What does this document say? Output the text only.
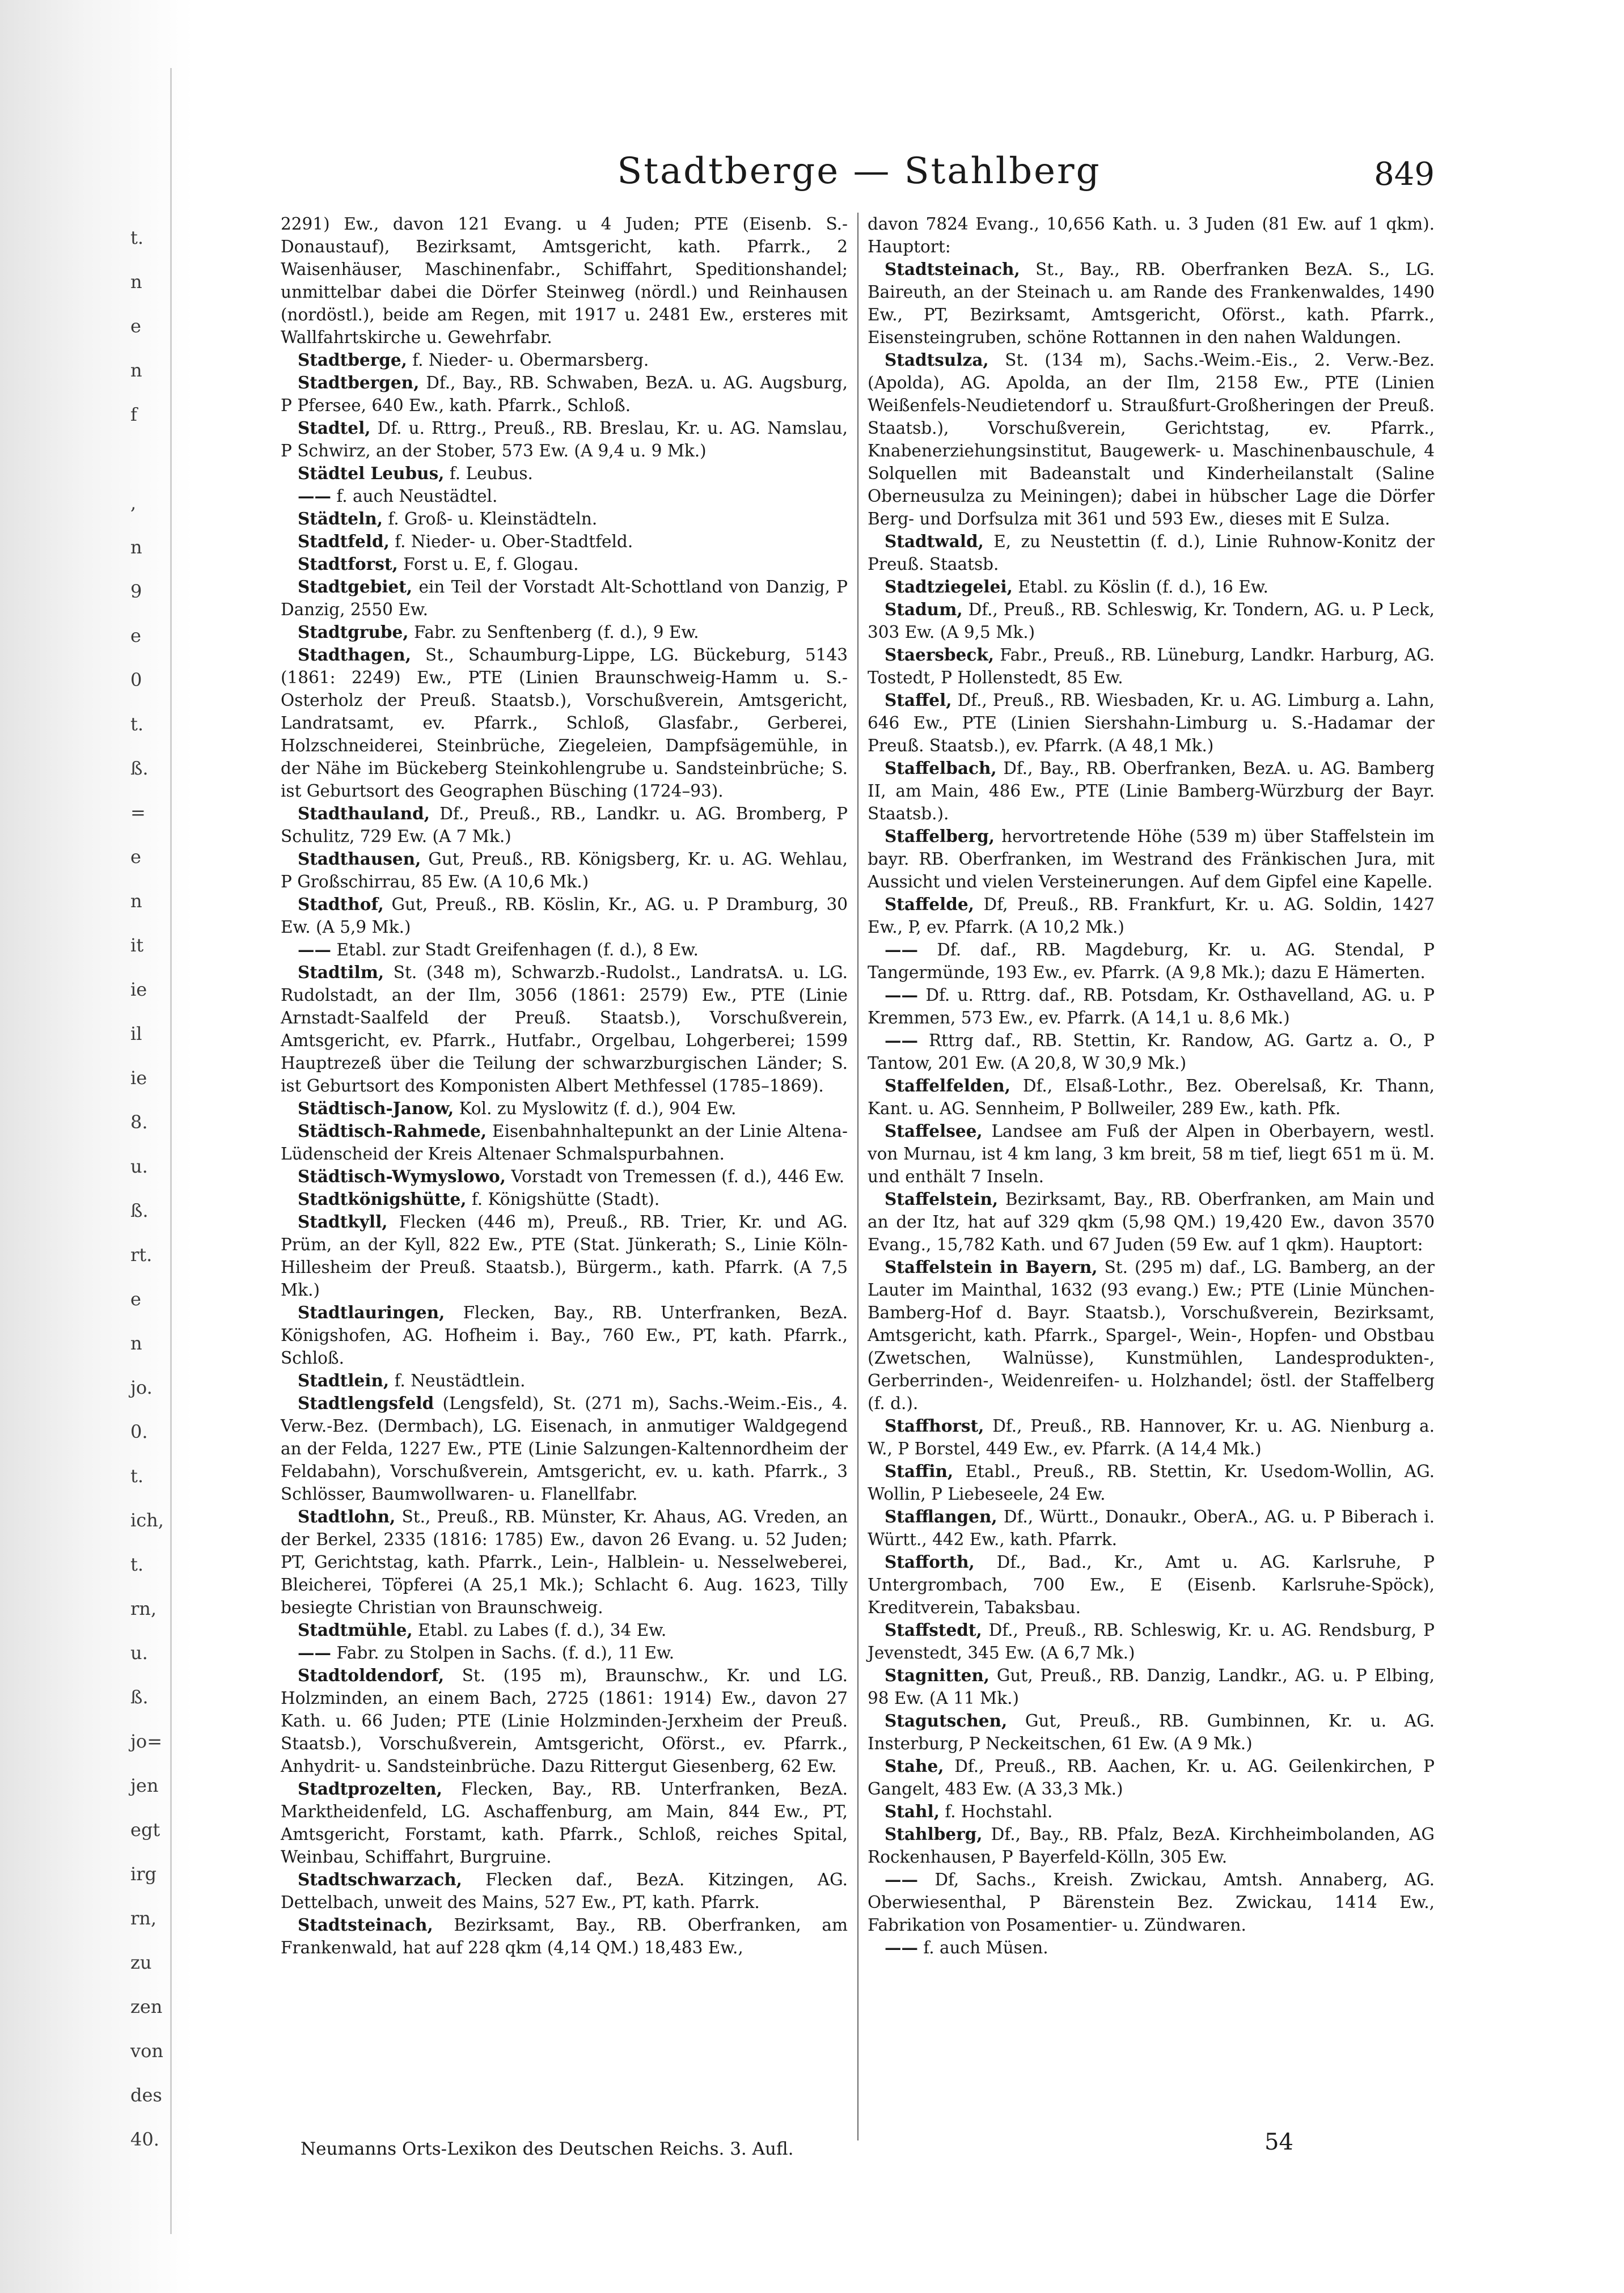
t.
n
e
n
f
,
n
9
e
0
t.
ß.
=
e
n
it
ie
il
ie
8.
u.
ß.
rt.
e
n
jo.
0.
t.
ich,
t.
rn,
u.
ß.
jo=
jen
egt
irg
rn,
zu
zen
von
des
40.
Stadtberge — Stahlberg	849

2291) Ew., davon 121 Evang. u 4 Juden; PTE (Eisenb. S.-Donaustauf), Bezirksamt, Amtsgericht, kath. Pfarrk., 2 Waisenhäuser, Maschinenfabr., Schiffahrt, Speditionshandel; unmittelbar dabei die Dörfer Steinweg (nördl.) und Reinhausen (nordöstl.), beide am Regen, mit 1917 u. 2481 Ew., ersteres mit Wallfahrtskirche u. Gewehrfabr.

Stadtberge, f. Nieder- u. Obermarsberg.

Stadtbergen, Df., Bay., RB. Schwaben, BezA. u. AG. Augsburg, P Pfersee, 640 Ew., kath. Pfarrk., Schloß.

Stadtel, Df. u. Rttrg., Preuß., RB. Breslau, Kr. u. AG. Namslau, P Schwirz, an der Stober, 573 Ew. (A 9,4 u. 9 Mk.)

Städtel Leubus, f. Leubus.

—— f. auch Neustädtel.

Städteln, f. Groß- u. Kleinstädteln.

Stadtfeld, f. Nieder- u. Ober-Stadtfeld.

Stadtforst, Forst u. E, f. Glogau.

Stadtgebiet, ein Teil der Vorstadt Alt-Schottland von Danzig, P Danzig, 2550 Ew.

Stadtgrube, Fabr. zu Senftenberg (f. d.), 9 Ew.

Stadthagen, St., Schaumburg-Lippe, LG. Bückeburg, 5143 (1861: 2249) Ew., PTE (Linien Braunschweig-Hamm u. S.-Osterholz der Preuß. Staatsb.), Vorschußverein, Amtsgericht, Landratsamt, ev. Pfarrk., Schloß, Glasfabr., Gerberei, Holzschneiderei, Steinbrüche, Ziegeleien, Dampfsägemühle, in der Nähe im Bückeberg Steinkohlengrube u. Sandsteinbrüche; S. ist Geburtsort des Geographen Büsching (1724–93).

Stadthauland, Df., Preuß., RB., Landkr. u. AG. Bromberg, P Schulitz, 729 Ew. (A 7 Mk.)

Stadthausen, Gut, Preuß., RB. Königsberg, Kr. u. AG. Wehlau, P Großschirrau, 85 Ew. (A 10,6 Mk.)

Stadthof, Gut, Preuß., RB. Köslin, Kr., AG. u. P Dramburg, 30 Ew. (A 5,9 Mk.)

—— Etabl. zur Stadt Greifenhagen (f. d.), 8 Ew.

Stadtilm, St. (348 m), Schwarzb.-Rudolst., LandratsA. u. LG. Rudolstadt, an der Ilm, 3056 (1861: 2579) Ew., PTE (Linie Arnstadt-Saalfeld der Preuß. Staatsb.), Vorschußverein, Amtsgericht, ev. Pfarrk., Hutfabr., Orgelbau, Lohgerberei; 1599 Hauptrezeß über die Teilung der schwarzburgischen Länder; S. ist Geburtsort des Komponisten Albert Methfessel (1785–1869).

Städtisch-Janow, Kol. zu Myslowitz (f. d.), 904 Ew.

Städtisch-Rahmede, Eisenbahnhaltepunkt an der Linie Altena-Lüdenscheid der Kreis Altenaer Schmalspurbahnen.

Städtisch-Wymyslowo, Vorstadt von Tremessen (f. d.), 446 Ew.

Stadtkönigshütte, f. Königshütte (Stadt).

Stadtkyll, Flecken (446 m), Preuß., RB. Trier, Kr. und AG. Prüm, an der Kyll, 822 Ew., PTE (Stat. Jünkerath; S., Linie Köln-Hillesheim der Preuß. Staatsb.), Bürgerm., kath. Pfarrk. (A 7,5 Mk.)

Stadtlauringen, Flecken, Bay., RB. Unterfranken, BezA. Königshofen, AG. Hofheim i. Bay., 760 Ew., PT, kath. Pfarrk., Schloß.

Stadtlein, f. Neustädtlein.

Stadtlengsfeld (Lengsfeld), St. (271 m), Sachs.-Weim.-Eis., 4. Verw.-Bez. (Dermbach), LG. Eisenach, in anmutiger Waldgegend an der Felda, 1227 Ew., PTE (Linie Salzungen-Kaltennordheim der Feldabahn), Vorschußverein, Amtsgericht, ev. u. kath. Pfarrk., 3 Schlösser, Baumwollwaren- u. Flanellfabr.

Stadtlohn, St., Preuß., RB. Münster, Kr. Ahaus, AG. Vreden, an der Berkel, 2335 (1816: 1785) Ew., davon 26 Evang. u. 52 Juden; PT, Gerichtstag, kath. Pfarrk., Lein-, Halblein- u. Nesselweberei, Bleicherei, Töpferei (A 25,1 Mk.); Schlacht 6. Aug. 1623, Tilly besiegte Christian von Braunschweig.

Stadtmühle, Etabl. zu Labes (f. d.), 34 Ew.

—— Fabr. zu Stolpen in Sachs. (f. d.), 11 Ew.

Stadtoldendorf, St. (195 m), Braunschw., Kr. und LG. Holzminden, an einem Bach, 2725 (1861: 1914) Ew., davon 27 Kath. u. 66 Juden; PTE (Linie Holzminden-Jerxheim der Preuß. Staatsb.), Vorschußverein, Amtsgericht, Oförst., ev. Pfarrk., Anhydrit- u. Sandsteinbrüche. Dazu Rittergut Giesenberg, 62 Ew.

Stadtprozelten, Flecken, Bay., RB. Unterfranken, BezA. Marktheidenfeld, LG. Aschaffenburg, am Main, 844 Ew., PT, Amtsgericht, Forstamt, kath. Pfarrk., Schloß, reiches Spital, Weinbau, Schiffahrt, Burgruine.

Stadtschwarzach, Flecken daf., BezA. Kitzingen, AG. Dettelbach, unweit des Mains, 527 Ew., PT, kath. Pfarrk.

Stadtsteinach, Bezirksamt, Bay., RB. Oberfranken, am Frankenwald, hat auf 228 qkm (4,14 QM.) 18,483 Ew.,

davon 7824 Evang., 10,656 Kath. u. 3 Juden (81 Ew. auf 1 qkm). Hauptort:

Stadtsteinach, St., Bay., RB. Oberfranken BezA. S., LG. Baireuth, an der Steinach u. am Rande des Frankenwaldes, 1490 Ew., PT, Bezirksamt, Amtsgericht, Oförst., kath. Pfarrk., Eisensteingruben, schöne Rottannen in den nahen Waldungen.

Stadtsulza, St. (134 m), Sachs.-Weim.-Eis., 2. Verw.-Bez. (Apolda), AG. Apolda, an der Ilm, 2158 Ew., PTE (Linien Weißenfels-Neudietendorf u. Straußfurt-Großheringen der Preuß. Staatsb.), Vorschußverein, Gerichtstag, ev. Pfarrk., Knabenerziehungsinstitut, Baugewerk- u. Maschinenbauschule, 4 Solquellen mit Badeanstalt und Kinderheilanstalt (Saline Oberneusulza zu Meiningen); dabei in hübscher Lage die Dörfer Berg- und Dorfsulza mit 361 und 593 Ew., dieses mit E Sulza.

Stadtwald, E, zu Neustettin (f. d.), Linie Ruhnow-Konitz der Preuß. Staatsb.

Stadtziegelei, Etabl. zu Köslin (f. d.), 16 Ew.

Stadum, Df., Preuß., RB. Schleswig, Kr. Tondern, AG. u. P Leck, 303 Ew. (A 9,5 Mk.)

Staersbeck, Fabr., Preuß., RB. Lüneburg, Landkr. Harburg, AG. Tostedt, P Hollenstedt, 85 Ew.

Staffel, Df., Preuß., RB. Wiesbaden, Kr. u. AG. Limburg a. Lahn, 646 Ew., PTE (Linien Siershahn-Limburg u. S.-Hadamar der Preuß. Staatsb.), ev. Pfarrk. (A 48,1 Mk.)

Staffelbach, Df., Bay., RB. Oberfranken, BezA. u. AG. Bamberg II, am Main, 486 Ew., PTE (Linie Bamberg-Würzburg der Bayr. Staatsb.).

Staffelberg, hervortretende Höhe (539 m) über Staffelstein im bayr. RB. Oberfranken, im Westrand des Fränkischen Jura, mit Aussicht und vielen Versteinerungen. Auf dem Gipfel eine Kapelle.

Staffelde, Df, Preuß., RB. Frankfurt, Kr. u. AG. Soldin, 1427 Ew., P, ev. Pfarrk. (A 10,2 Mk.)

—— Df. daf., RB. Magdeburg, Kr. u. AG. Stendal, P Tangermünde, 193 Ew., ev. Pfarrk. (A 9,8 Mk.); dazu E Hämerten.

—— Df. u. Rttrg. daf., RB. Potsdam, Kr. Osthavelland, AG. u. P Kremmen, 573 Ew., ev. Pfarrk. (A 14,1 u. 8,6 Mk.)

—— Rttrg daf., RB. Stettin, Kr. Randow, AG. Gartz a. O., P Tantow, 201 Ew. (A 20,8, W 30,9 Mk.)

Staffelfelden, Df., Elsaß-Lothr., Bez. Oberelsaß, Kr. Thann, Kant. u. AG. Sennheim, P Bollweiler, 289 Ew., kath. Pfk.

Staffelsee, Landsee am Fuß der Alpen in Oberbayern, westl. von Murnau, ist 4 km lang, 3 km breit, 58 m tief, liegt 651 m ü. M. und enthält 7 Inseln.

Staffelstein, Bezirksamt, Bay., RB. Oberfranken, am Main und an der Itz, hat auf 329 qkm (5,98 QM.) 19,420 Ew., davon 3570 Evang., 15,782 Kath. und 67 Juden (59 Ew. auf 1 qkm). Hauptort:

Staffelstein in Bayern, St. (295 m) daf., LG. Bamberg, an der Lauter im Mainthal, 1632 (93 evang.) Ew.; PTE (Linie München-Bamberg-Hof d. Bayr. Staatsb.), Vorschußverein, Bezirksamt, Amtsgericht, kath. Pfarrk., Spargel-, Wein-, Hopfen- und Obstbau (Zwetschen, Walnüsse), Kunstmühlen, Landesprodukten-, Gerberrinden-, Weidenreifen- u. Holzhandel; östl. der Staffelberg (f. d.).

Staffhorst, Df., Preuß., RB. Hannover, Kr. u. AG. Nienburg a. W., P Borstel, 449 Ew., ev. Pfarrk. (A 14,4 Mk.)

Staffin, Etabl., Preuß., RB. Stettin, Kr. Usedom-Wollin, AG. Wollin, P Liebeseele, 24 Ew.

Stafflangen, Df., Württ., Donaukr., OberA., AG. u. P Biberach i. Württ., 442 Ew., kath. Pfarrk.

Stafforth, Df., Bad., Kr., Amt u. AG. Karlsruhe, P Untergrombach, 700 Ew., E (Eisenb. Karlsruhe-Spöck), Kreditverein, Tabaksbau.

Staffstedt, Df., Preuß., RB. Schleswig, Kr. u. AG. Rendsburg, P Jevenstedt, 345 Ew. (A 6,7 Mk.)

Stagnitten, Gut, Preuß., RB. Danzig, Landkr., AG. u. P Elbing, 98 Ew. (A 11 Mk.)

Stagutschen, Gut, Preuß., RB. Gumbinnen, Kr. u. AG. Insterburg, P Neckeitschen, 61 Ew. (A 9 Mk.)

Stahe, Df., Preuß., RB. Aachen, Kr. u. AG. Geilenkirchen, P Gangelt, 483 Ew. (A 33,3 Mk.)

Stahl, f. Hochstahl.

Stahlberg, Df., Bay., RB. Pfalz, BezA. Kirchheimbolanden, AG Rockenhausen, P Bayerfeld-Kölln, 305 Ew.

—— Df, Sachs., Kreish. Zwickau, Amtsh. Annaberg, AG. Oberwiesenthal, P Bärenstein Bez. Zwickau, 1414 Ew., Fabrikation von Posamentier- u. Zündwaren.

—— f. auch Müsen.

Neumanns Orts-Lexikon des Deutschen Reichs. 3. Aufl.	54
